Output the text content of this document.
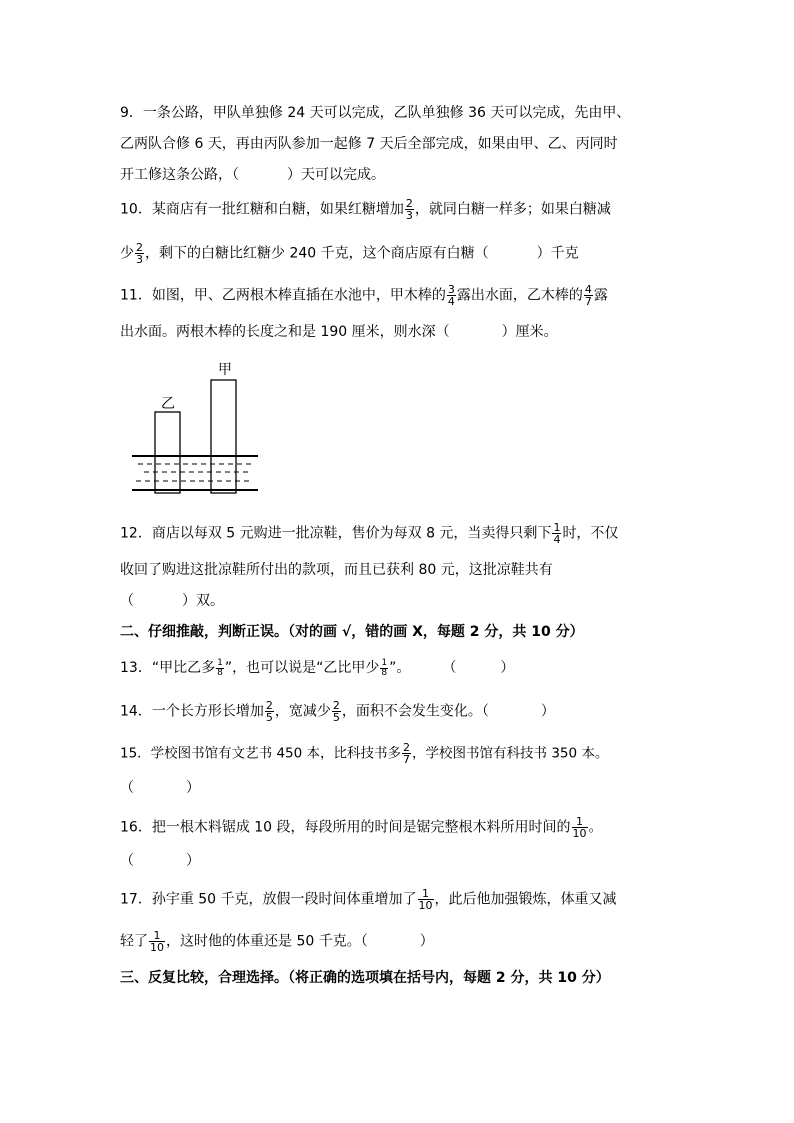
9．一条公路，甲队单独修 24 天可以完成，乙队单独修 36 天可以完成，先由甲、
乙两队合修 6 天，再由丙队参加一起修 7 天后全部完成，如果由甲、乙、丙同时
开工修这条公路，（	）天可以完成。
10．某商店有一批红糖和白糖，如果红糖增加 $\frac{2}{3}$ ，就同白糖一样多；如果白糖减
少 $\frac{2}{3}$ ，剩下的白糖比红糖少 240 千克，这个商店原有白糖（	）千克
11．如图，甲、乙两根木棒直插在水池中，甲木棒的 $\frac{3}{4}$ 露出水面，乙木棒的 $\frac{4}{7}$ 露
出水面。两根木棒的长度之和是 190 厘米，则水深（	）厘米。
甲
乙
12．商店以每双 5 元购进一批凉鞋，售价为每双 8 元，当卖得只剩下 $\frac{1}{4}$ 时，不仅
收回了购进这批凉鞋所付出的款项，而且已获利 80 元，这批凉鞋共有
（	）双。
二、仔细推敲，判断正误。（对的画 √，错的画 X，每题 2 分，共 10 分）
13．“甲比乙多 $\frac{1}{8}$ ”，也可以说是“乙比甲少 $\frac{1}{8}$ ”。 （	）
14．一个长方形长增加 $\frac{2}{5}$ ，宽减少 $\frac{2}{5}$ ，面积不会发生变化。（	）
15．学校图书馆有文艺书 450 本，比科技书多 $\frac{2}{7}$ ，学校图书馆有科技书 350 本。
（	）
16．把一根木料锯成 10 段，每段所用的时间是锯完整根木料所用时间的 $\frac{1}{10}$ 。
（	）
17．孙宇重 50 千克，放假一段时间体重增加了 $\frac{1}{10}$ ，此后他加强锻炼，体重又减
轻了 $\frac{1}{10}$ ，这时他的体重还是 50 千克。（	）
三、反复比较，合理选择。（将正确的选项填在括号内，每题 2 分，共 10 分）
